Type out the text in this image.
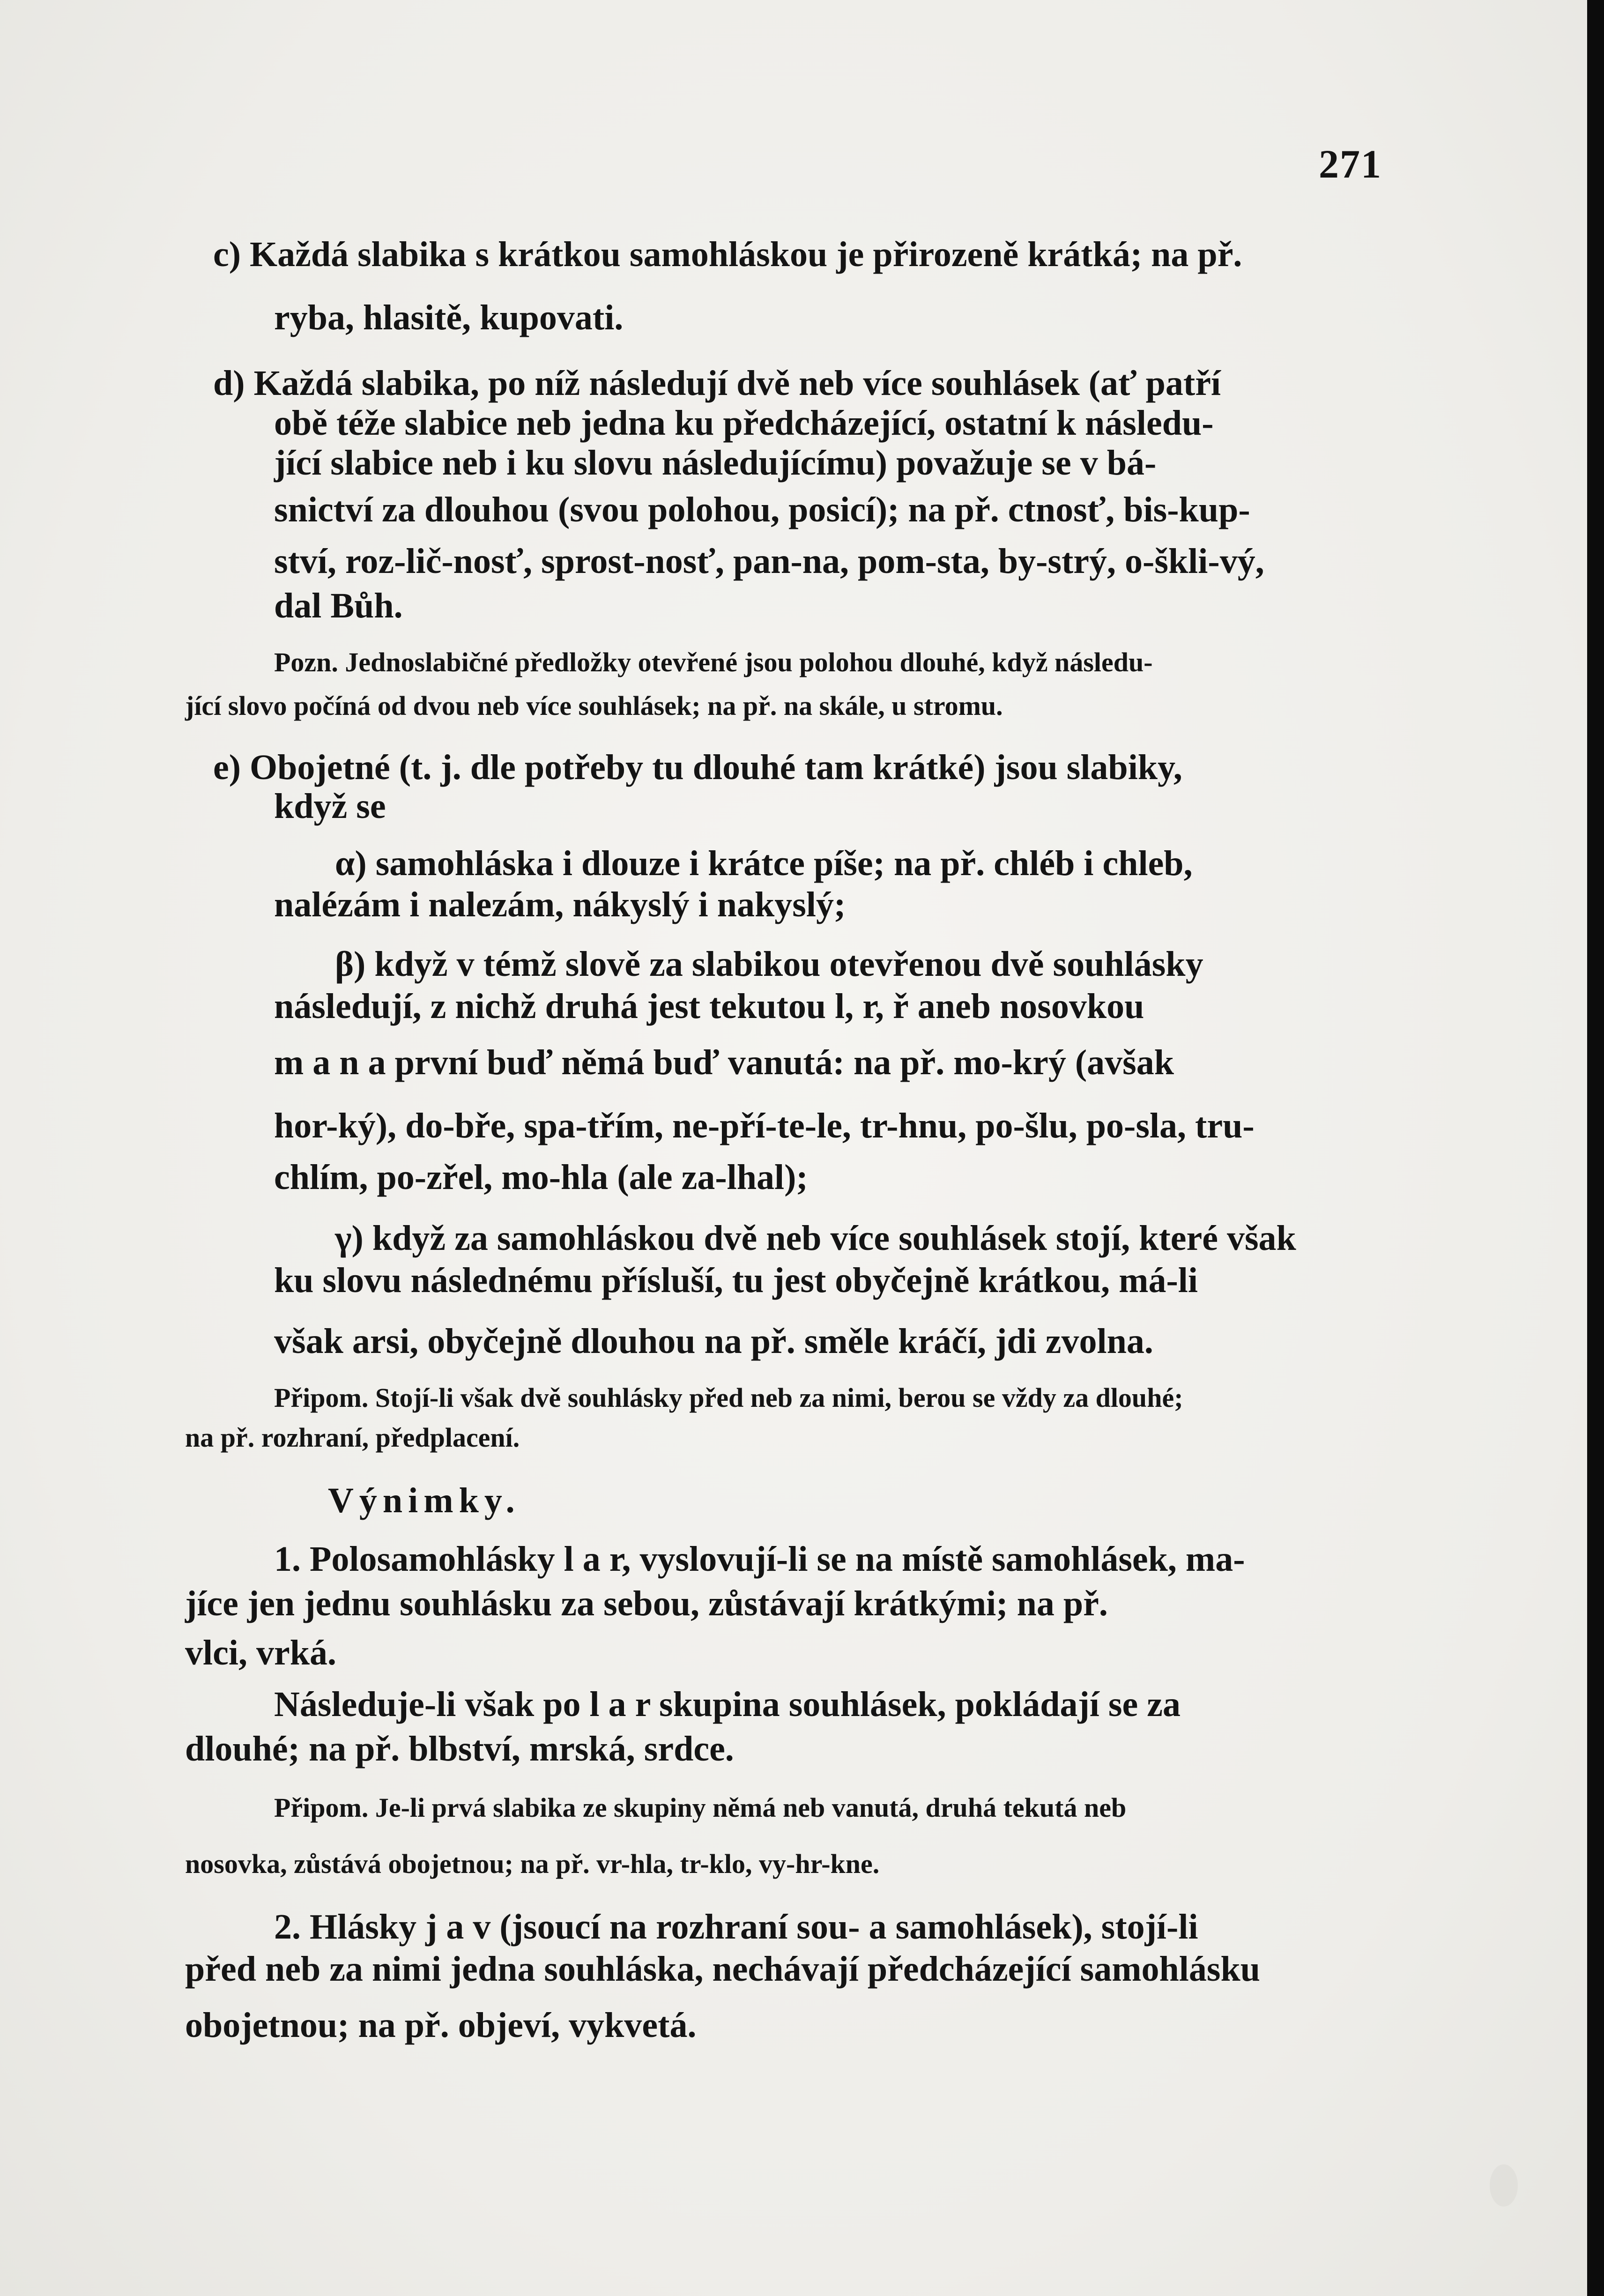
271
c) Každá slabika s krátkou samohláskou je přirozeně krátká; na př.
ryba, hlasitě, kupovati.
d) Každá slabika, po níž následují dvě neb více souhlásek (ať patří
obě téže slabice neb jedna ku předcházející, ostatní k následu-
jící slabice neb i ku slovu následujícímu) považuje se v bá-
snictví za dlouhou (svou polohou, posicí); na př. ctnosť, bis-kup-
ství, roz-lič-nosť, sprost-nosť, pan-na, pom-sta, by-strý, o-škli-vý,
dal Bůh.
Pozn. Jednoslabičné předložky otevřené jsou polohou dlouhé, když následu-
jící slovo počíná od dvou neb více souhlásek; na př. na skále, u stromu.
e) Obojetné (t. j. dle potřeby tu dlouhé tam krátké) jsou slabiky,
když se
α) samohláska i dlouze i krátce píše; na př. chléb i chleb,
nalézám i nalezám, nákyslý i nakyslý;
β) když v témž slově za slabikou otevřenou dvě souhlásky
následují, z nichž druhá jest tekutou l, r, ř aneb nosovkou
m a n a první buď němá buď vanutá: na př. mo-krý (avšak
hor-ký), do-bře, spa-třím, ne-pří-te-le, tr-hnu, po-šlu, po-sla, tru-
chlím, po-zřel, mo-hla (ale za-lhal);
γ) když za samohláskou dvě neb více souhlásek stojí, které však
ku slovu následnému přísluší, tu jest obyčejně krátkou, má-li
však arsi, obyčejně dlouhou na př. směle kráčí, jdi zvolna.
Připom. Stojí-li však dvě souhlásky před neb za nimi, berou se vždy za dlouhé;
na př. rozhraní, předplacení.
Výnimky.
1. Polosamohlásky l a r, vyslovují-li se na místě samohlásek, ma-
jíce jen jednu souhlásku za sebou, zůstávají krátkými; na př.
vlci, vrká.
Následuje-li však po l a r skupina souhlásek, pokládají se za
dlouhé; na př. blbství, mrská, srdce.
Připom. Je-li prvá slabika ze skupiny němá neb vanutá, druhá tekutá neb
nosovka, zůstává obojetnou; na př. vr-hla, tr-klo, vy-hr-kne.
2. Hlásky j a v (jsoucí na rozhraní sou- a samohlásek), stojí-li
před neb za nimi jedna souhláska, nechávají předcházející samohlásku
obojetnou; na př. objeví, vykvetá.
